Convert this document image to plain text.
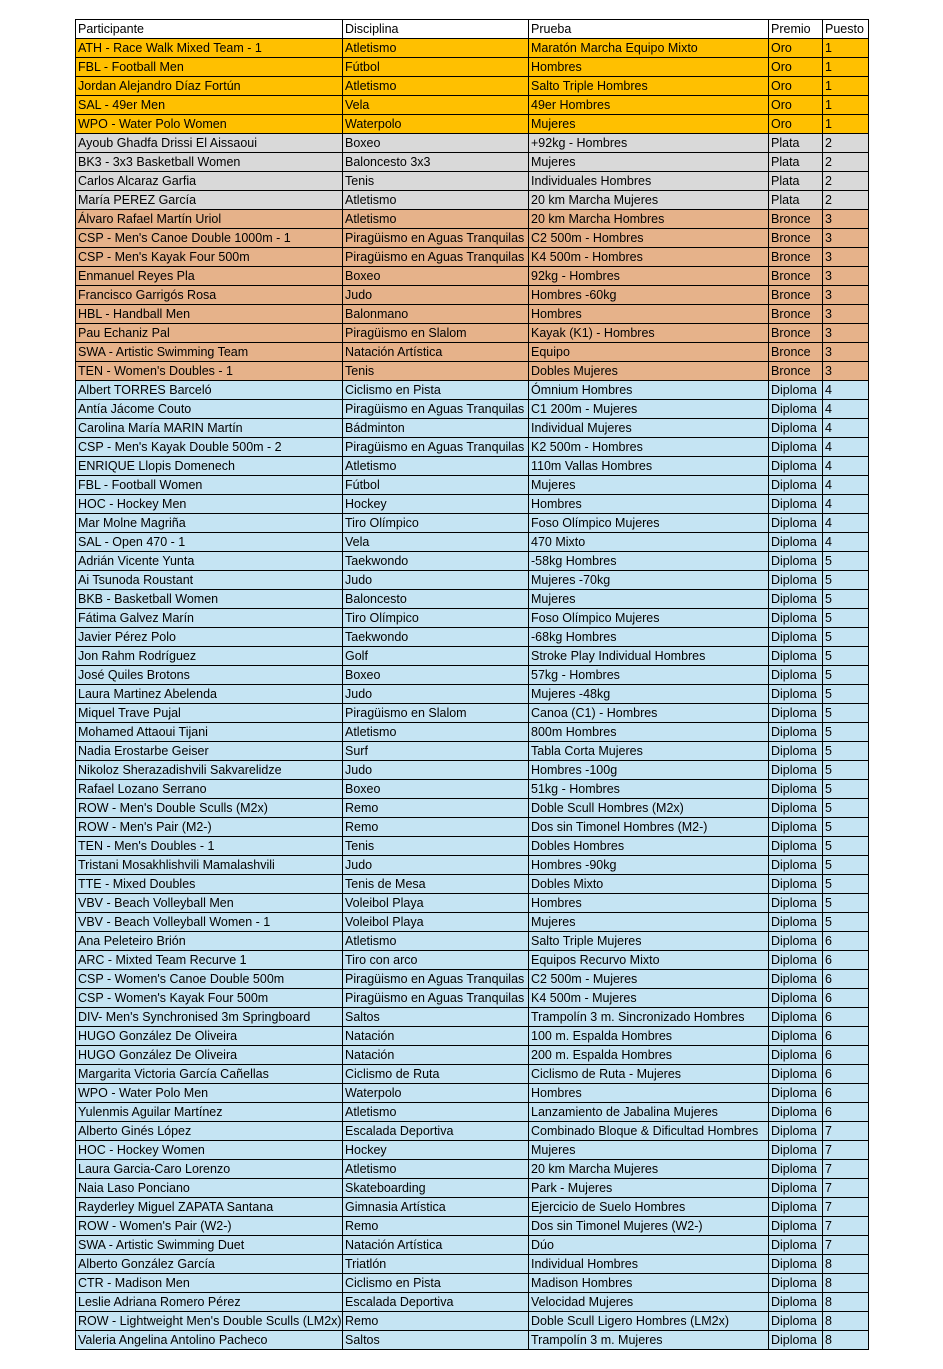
Participante	Disciplina	Prueba	Premio	Puesto
ATH - Race Walk Mixed Team - 1	Atletismo	Maratón Marcha Equipo Mixto	Oro	1
FBL - Football Men	Fútbol	Hombres	Oro	1
Jordan Alejandro Díaz Fortún	Atletismo	Salto Triple Hombres	Oro	1
SAL - 49er Men	Vela	49er Hombres	Oro	1
WPO - Water Polo Women	Waterpolo	Mujeres	Oro	1
Ayoub Ghadfa Drissi El Aissaoui	Boxeo	+92kg - Hombres	Plata	2
BK3 - 3x3 Basketball Women	Baloncesto 3x3	Mujeres	Plata	2
Carlos Alcaraz Garfia	Tenis	Individuales Hombres	Plata	2
María PEREZ García	Atletismo	20 km Marcha Mujeres	Plata	2
Álvaro Rafael Martín Uriol	Atletismo	20 km Marcha Hombres	Bronce	3
CSP - Men's Canoe Double 1000m - 1	Piragüismo en Aguas Tranquilas	C2 500m - Hombres	Bronce	3
CSP - Men's Kayak Four 500m	Piragüismo en Aguas Tranquilas	K4 500m - Hombres	Bronce	3
Enmanuel Reyes Pla	Boxeo	92kg - Hombres	Bronce	3
Francisco Garrigós Rosa	Judo	Hombres -60kg	Bronce	3
HBL - Handball Men	Balonmano	Hombres	Bronce	3
Pau Echaniz Pal	Piragüismo en Slalom	Kayak (K1) - Hombres	Bronce	3
SWA - Artistic Swimming Team	Natación Artística	Equipo	Bronce	3
TEN - Women's Doubles - 1	Tenis	Dobles Mujeres	Bronce	3
Albert TORRES Barceló	Ciclismo en Pista	Ómnium Hombres	Diploma	4
Antía Jácome Couto	Piragüismo en Aguas Tranquilas	C1 200m - Mujeres	Diploma	4
Carolina María MARIN Martín	Bádminton	Individual Mujeres	Diploma	4
CSP - Men's Kayak Double 500m - 2	Piragüismo en Aguas Tranquilas	K2 500m - Hombres	Diploma	4
ENRIQUE Llopis Domenech	Atletismo	110m Vallas Hombres	Diploma	4
FBL - Football Women	Fútbol	Mujeres	Diploma	4
HOC - Hockey Men	Hockey	Hombres	Diploma	4
Mar Molne Magriña	Tiro Olímpico	Foso Olímpico Mujeres	Diploma	4
SAL - Open 470 - 1	Vela	470 Mixto	Diploma	4
Adrián Vicente Yunta	Taekwondo	-58kg Hombres	Diploma	5
Ai Tsunoda Roustant	Judo	Mujeres -70kg	Diploma	5
BKB - Basketball Women	Baloncesto	Mujeres	Diploma	5
Fátima Galvez Marín	Tiro Olímpico	Foso Olímpico Mujeres	Diploma	5
Javier Pérez Polo	Taekwondo	-68kg Hombres	Diploma	5
Jon Rahm Rodríguez	Golf	Stroke Play Individual Hombres	Diploma	5
José Quiles Brotons	Boxeo	57kg - Hombres	Diploma	5
Laura Martinez Abelenda	Judo	Mujeres -48kg	Diploma	5
Miquel Trave Pujal	Piragüismo en Slalom	Canoa (C1) - Hombres	Diploma	5
Mohamed Attaoui Tijani	Atletismo	800m Hombres	Diploma	5
Nadia Erostarbe Geiser	Surf	Tabla Corta Mujeres	Diploma	5
Nikoloz Sherazadishvili Sakvarelidze	Judo	Hombres -100g	Diploma	5
Rafael Lozano Serrano	Boxeo	51kg - Hombres	Diploma	5
ROW - Men's Double Sculls (M2x)	Remo	Doble Scull Hombres (M2x)	Diploma	5
ROW - Men's Pair (M2-)	Remo	Dos sin Timonel Hombres (M2-)	Diploma	5
TEN - Men's Doubles - 1	Tenis	Dobles Hombres	Diploma	5
Tristani Mosakhlishvili Mamalashvili	Judo	Hombres -90kg	Diploma	5
TTE - Mixed Doubles	Tenis de Mesa	Dobles Mixto	Diploma	5
VBV - Beach Volleyball Men	Voleibol Playa	Hombres	Diploma	5
VBV - Beach Volleyball Women - 1	Voleibol Playa	Mujeres	Diploma	5
Ana Peleteiro Brión	Atletismo	Salto Triple Mujeres	Diploma	6
ARC - Mixted Team Recurve 1	Tiro con arco	Equipos Recurvo Mixto	Diploma	6
CSP - Women's Canoe Double 500m	Piragüismo en Aguas Tranquilas	C2 500m - Mujeres	Diploma	6
CSP - Women's Kayak Four 500m	Piragüismo en Aguas Tranquilas	K4 500m - Mujeres	Diploma	6
DIV- Men's Synchronised 3m Springboard	Saltos	Trampolín 3 m. Sincronizado Hombres	Diploma	6
HUGO González De Oliveira	Natación	100 m. Espalda Hombres	Diploma	6
HUGO González De Oliveira	Natación	200 m. Espalda Hombres	Diploma	6
Margarita Victoria García Cañellas	Ciclismo de Ruta	Ciclismo de Ruta - Mujeres	Diploma	6
WPO - Water Polo Men	Waterpolo	Hombres	Diploma	6
Yulenmis Aguilar Martínez	Atletismo	Lanzamiento de Jabalina Mujeres	Diploma	6
Alberto Ginés López	Escalada Deportiva	Combinado Bloque & Dificultad Hombres	Diploma	7
HOC - Hockey Women	Hockey	Mujeres	Diploma	7
Laura Garcia-Caro Lorenzo	Atletismo	20 km Marcha Mujeres	Diploma	7
Naia Laso Ponciano	Skateboarding	Park - Mujeres	Diploma	7
Rayderley Miguel ZAPATA Santana	Gimnasia Artística	Ejercicio de Suelo Hombres	Diploma	7
ROW - Women's Pair (W2-)	Remo	Dos sin Timonel Mujeres (W2-)	Diploma	7
SWA - Artistic Swimming Duet	Natación Artística	Dúo	Diploma	7
Alberto González García	Triatlón	Individual Hombres	Diploma	8
CTR - Madison Men	Ciclismo en Pista	Madison Hombres	Diploma	8
Leslie Adriana Romero Pérez	Escalada Deportiva	Velocidad Mujeres	Diploma	8
ROW - Lightweight Men's Double Sculls (LM2x)	Remo	Doble Scull Ligero Hombres (LM2x)	Diploma	8
Valeria Angelina Antolino Pacheco	Saltos	Trampolín 3 m. Mujeres	Diploma	8
